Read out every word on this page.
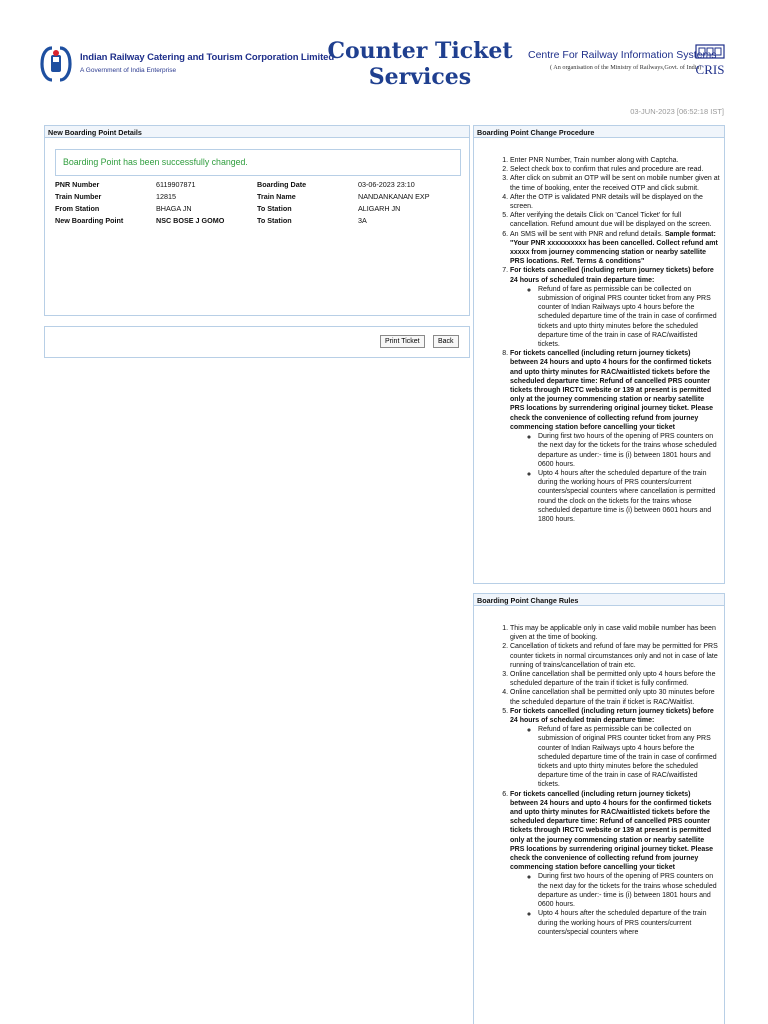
Indian Railway Catering and Tourism Corporation Limited
A Government of India Enterprise
Counter Ticket
Services
Centre For Railway Information Systems
( An organisation of the Ministry of Railways,Govt. of India)
CRIS
03-JUN-2023 [06:52:18 IST]
New Boarding Point Details
Boarding Point has been successfully changed.
PNR Number	6119907871	Boarding Date	03-06-2023 23:10
Train Number	12815	Train Name	NANDANKANAN EXP
From Station	BHAGA JN	To Station	ALIGARH JN
New Boarding Point	NSC BOSE J GOMO	To Station	3A
Print Ticket	Back
Boarding Point Change Procedure
1. Enter PNR Number, Train number along with Captcha.
2. Select check box to confirm that rules and procedure are read.
3. After click on submit an OTP will be sent on mobile number given at the time of booking, enter the received OTP and click submit.
4. After the OTP is validated PNR details will be displayed on the screen.
5. After verifying the details Click on 'Cancel Ticket' for full cancellation. Refund amount due will be displayed on the screen.
6. An SMS will be sent with PNR and refund details. Sample format: "Your PNR xxxxxxxxxx has been cancelled. Collect refund amt xxxxx from journey commencing station or nearby satellite PRS locations. Ref. Terms & conditions"
7. For tickets cancelled (including return journey tickets) before 24 hours of scheduled train departure time:
◦ Refund of fare as permissible can be collected on submission of original PRS counter ticket from any PRS counter of Indian Railways upto 4 hours before the scheduled departure time of the train in case of confirmed tickets and upto thirty minutes before the scheduled departure time of the train in case of RAC/waitlisted tickets.
8. For tickets cancelled (including return journey tickets) between 24 hours and upto 4 hours for the confirmed tickets and upto thirty minutes for RAC/waitlisted tickets before the scheduled departure time: Refund of cancelled PRS counter tickets through IRCTC website or 139 at present is permitted only at the journey commencing station or nearby satellite PRS locations by surrendering original journey ticket. Please check the convenience of collecting refund from journey commencing station before cancelling your ticket
◦ During first two hours of the opening of PRS counters on the next day for the tickets for the trains whose scheduled departure as under:- time is (i) between 1801 hours and 0600 hours.
◦ Upto 4 hours after the scheduled departure of the train during the working hours of PRS counters/current counters/special counters where cancellation is permitted round the clock on the tickets for the trains whose scheduled departure time is (i) between 0601 hours and 1800 hours.
Boarding Point Change Rules
1. This may be applicable only in case valid mobile number has been given at the time of booking.
2. Cancellation of tickets and refund of fare may be permitted for PRS counter tickets in normal circumstances only and not in case of late running of trains/cancellation of train etc.
3. Online cancellation shall be permitted only upto 4 hours before the scheduled departure of the train if ticket is fully confirmed.
4. Online cancellation shall be permitted only upto 30 minutes before the scheduled departure of the train if ticket is RAC/Waitlist.
5. For tickets cancelled (including return journey tickets) before 24 hours of scheduled train departure time:
◦ Refund of fare as permissible can be collected on submission of original PRS counter ticket from any PRS counter of Indian Railways upto 4 hours before the scheduled departure time of the train in case of confirmed tickets and upto thirty minutes before the scheduled departure time of the train in case of RAC/waitlisted tickets.
6. For tickets cancelled (including return journey tickets) between 24 hours and upto 4 hours for the confirmed tickets and upto thirty minutes for RAC/waitlisted tickets before the scheduled departure time: Refund of cancelled PRS counter tickets through IRCTC website or 139 at present is permitted only at the journey commencing station or nearby satellite PRS locations by surrendering original journey ticket. Please check the convenience of collecting refund from journey commencing station before cancelling your ticket
◦ During first two hours of the opening of PRS counters on the next day for the tickets for the trains whose scheduled departure as under:- time is (i) between 1801 hours and 0600 hours.
◦ Upto 4 hours after the scheduled departure of the train during the working hours of PRS counters/current counters/special counters where
